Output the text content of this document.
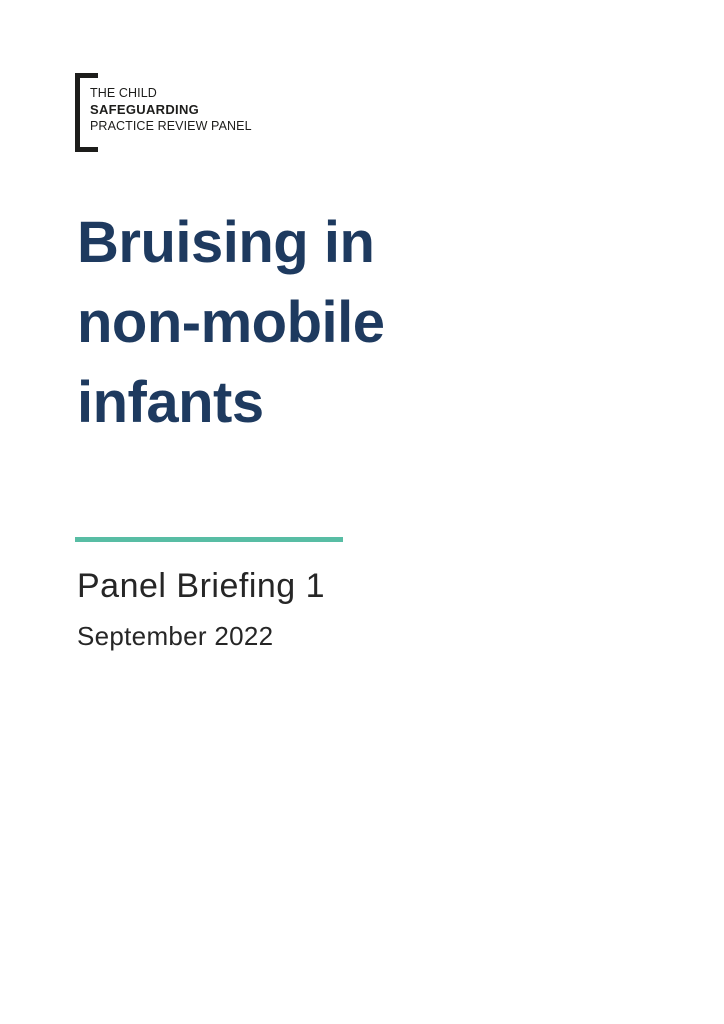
THE CHILD
SAFEGUARDING
PRACTICE REVIEW PANEL
Bruising in
non-mobile
infants
Panel Briefing 1
September 2022
